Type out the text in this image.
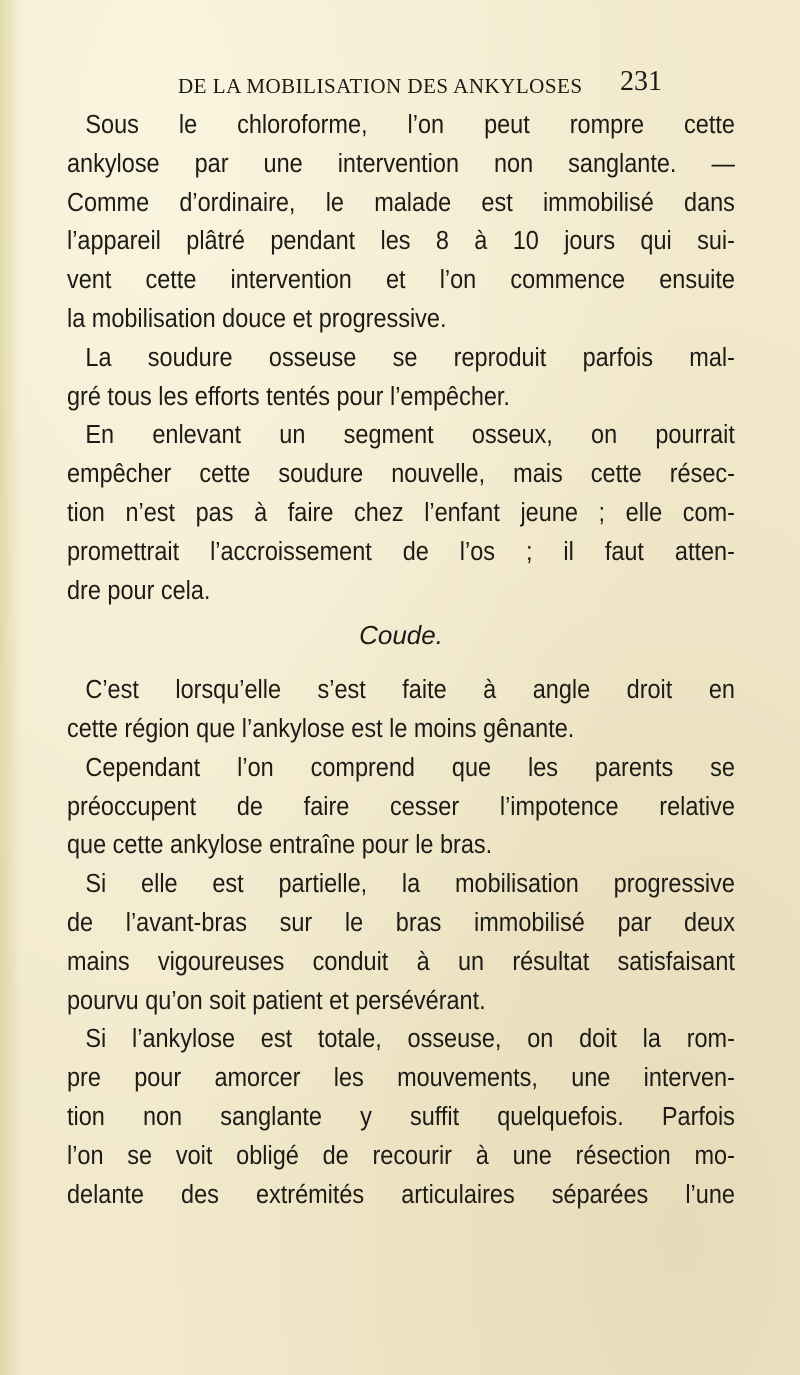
DE LA MOBILISATION DES ANKYLOSES 231
Sous le chloroforme, l’on peut rompre cette
ankylose par une intervention non sanglante. —
Comme d’ordinaire, le malade est immobilisé dans
l’appareil plâtré pendant les 8 à 10 jours qui sui-
vent cette intervention et l’on commence ensuite
la mobilisation douce et progressive.
La soudure osseuse se reproduit parfois mal-
gré tous les efforts tentés pour l’empêcher.
En enlevant un segment osseux, on pourrait
empêcher cette soudure nouvelle, mais cette résec-
tion n’est pas à faire chez l’enfant jeune ; elle com-
promettrait l’accroissement de l’os ; il faut atten-
dre pour cela.
Coude.
C’est lorsqu’elle s’est faite à angle droit en
cette région que l’ankylose est le moins gênante.
Cependant l’on comprend que les parents se
préoccupent de faire cesser l’impotence relative
que cette ankylose entraîne pour le bras.
Si elle est partielle, la mobilisation progressive
de l’avant-bras sur le bras immobilisé par deux
mains vigoureuses conduit à un résultat satisfaisant
pourvu qu’on soit patient et persévérant.
Si l’ankylose est totale, osseuse, on doit la rom-
pre pour amorcer les mouvements, une interven-
tion non sanglante y suffit quelquefois. Parfois
l’on se voit obligé de recourir à une résection mo-
delante des extrémités articulaires séparées l’une
